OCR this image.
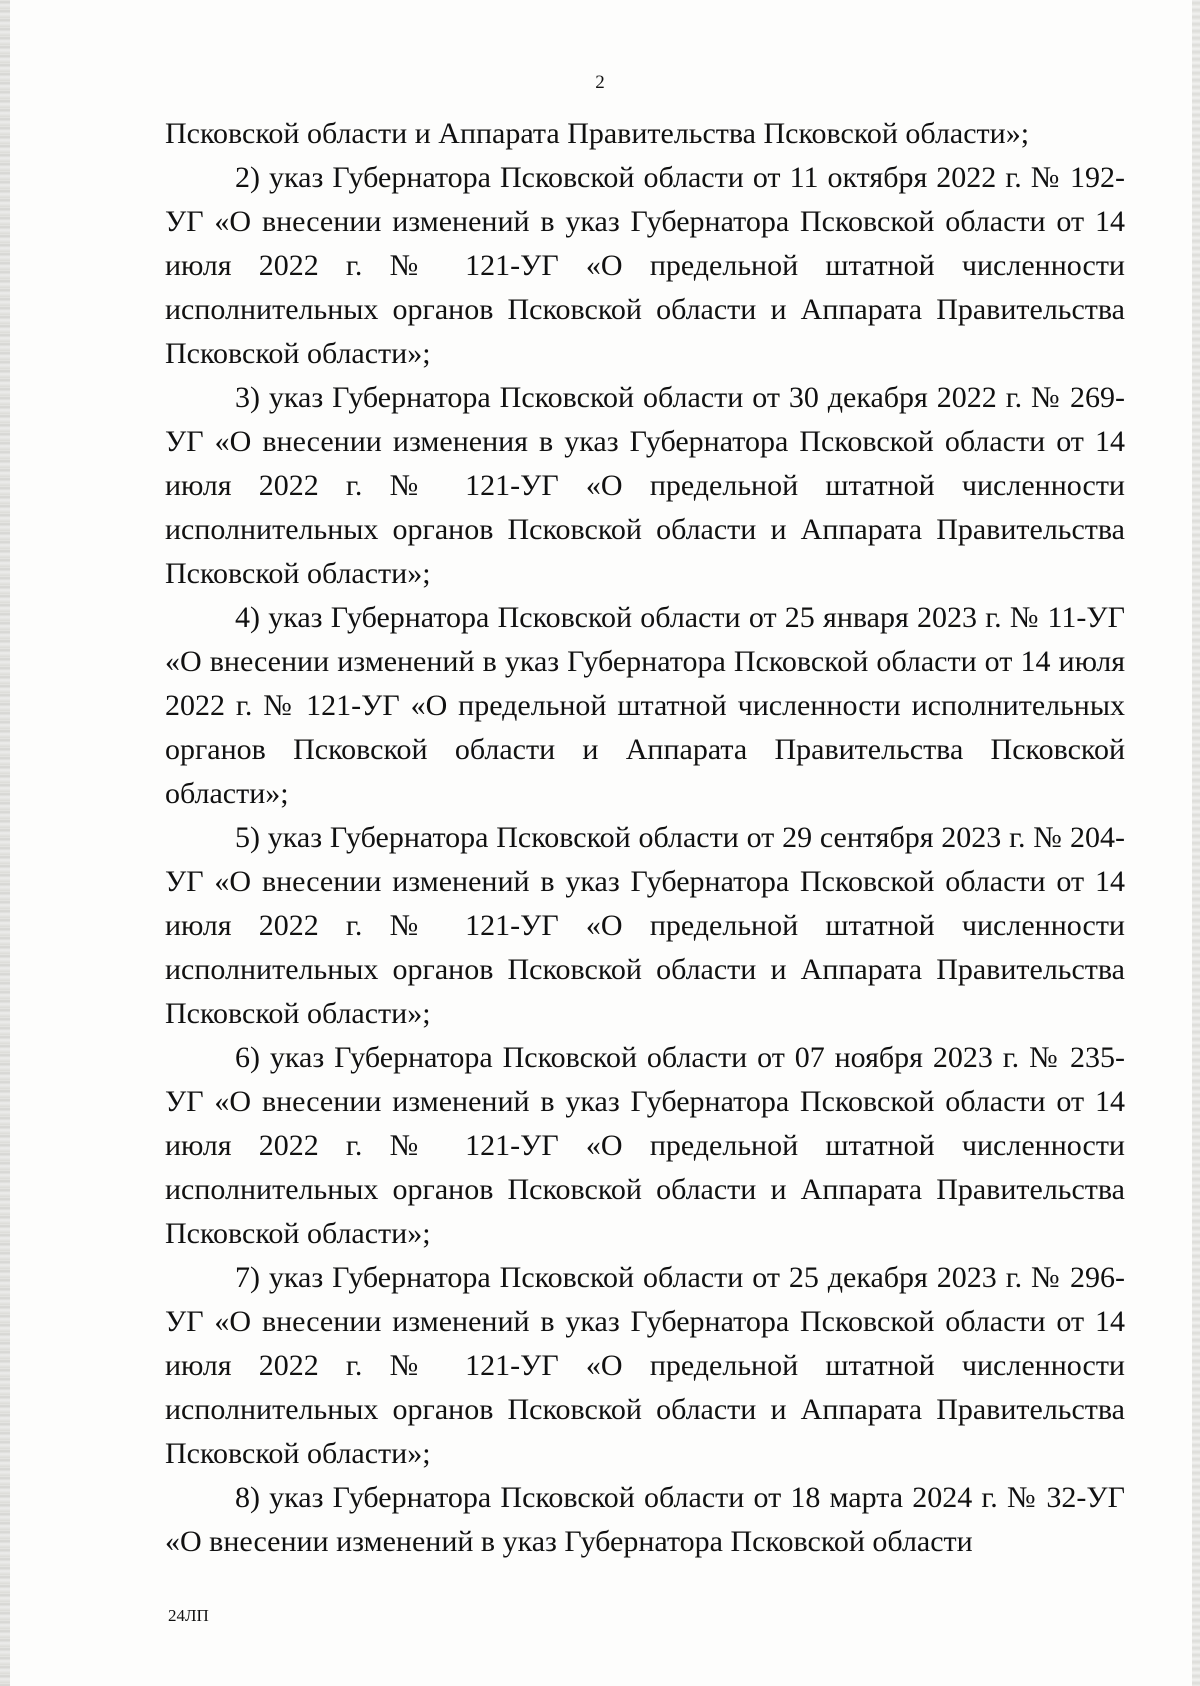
2

Псковской области и Аппарата Правительства Псковской области»;

2) указ Губернатора Псковской области от 11 октября 2022 г. № 192-УГ «О внесении изменений в указ Губернатора Псковской области от 14 июля 2022 г. № 121-УГ «О предельной штатной численности исполнительных органов Псковской области и Аппарата Правительства Псковской области»;

3) указ Губернатора Псковской области от 30 декабря 2022 г. № 269-УГ «О внесении изменения в указ Губернатора Псковской области от 14 июля 2022 г. № 121-УГ «О предельной штатной численности исполнительных органов Псковской области и Аппарата Правительства Псковской области»;

4) указ Губернатора Псковской области от 25 января 2023 г. № 11-УГ «О внесении изменений в указ Губернатора Псковской области от 14 июля 2022 г. № 121-УГ «О предельной штатной численности исполнительных органов Псковской области и Аппарата Правительства Псковской области»;

5) указ Губернатора Псковской области от 29 сентября 2023 г. № 204-УГ «О внесении изменений в указ Губернатора Псковской области от 14 июля 2022 г. № 121-УГ «О предельной штатной численности исполнительных органов Псковской области и Аппарата Правительства Псковской области»;

6) указ Губернатора Псковской области от 07 ноября 2023 г. № 235-УГ «О внесении изменений в указ Губернатора Псковской области от 14 июля 2022 г. № 121-УГ «О предельной штатной численности исполнительных органов Псковской области и Аппарата Правительства Псковской области»;

7) указ Губернатора Псковской области от 25 декабря 2023 г. № 296-УГ «О внесении изменений в указ Губернатора Псковской области от 14 июля 2022 г. № 121-УГ «О предельной штатной численности исполнительных органов Псковской области и Аппарата Правительства Псковской области»;

8) указ Губернатора Псковской области от 18 марта 2024 г. № 32-УГ «О внесении изменений в указ Губернатора Псковской области

24ЛП
